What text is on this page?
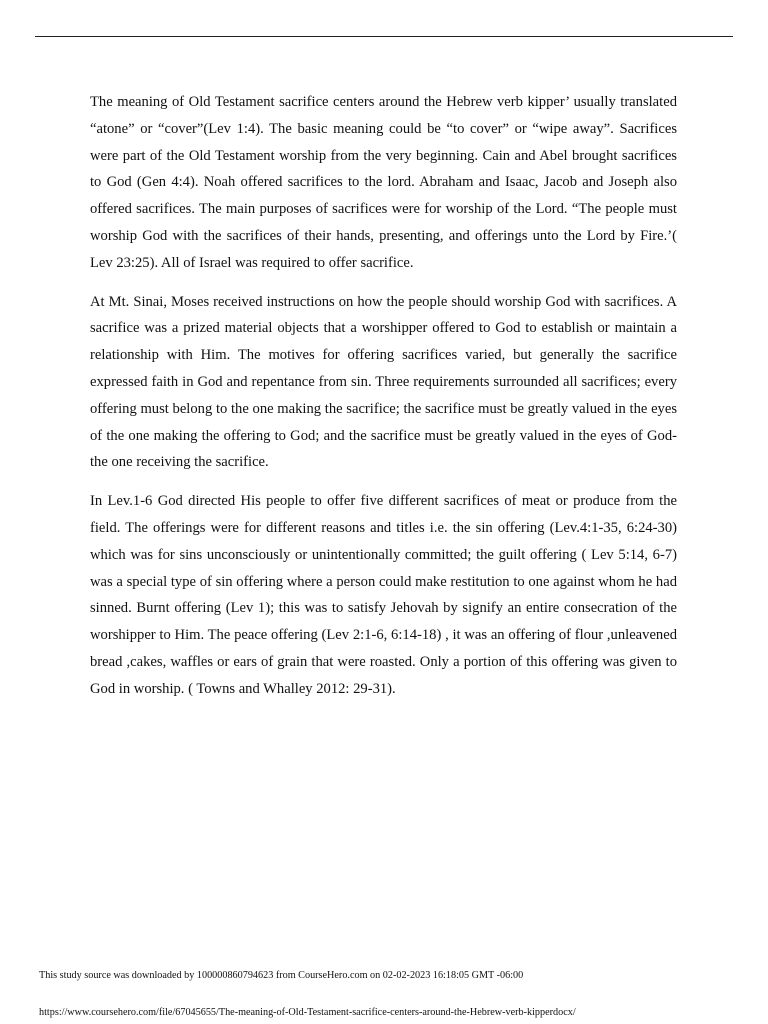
The meaning of Old Testament sacrifice centers around the Hebrew verb kipper’ usually translated “atone” or “cover”(Lev 1:4). The basic meaning could be “to cover” or “wipe away”. Sacrifices were part of the Old Testament worship from the very beginning. Cain and Abel brought sacrifices to God (Gen 4:4). Noah offered sacrifices to the lord. Abraham and Isaac, Jacob and Joseph also offered sacrifices. The main purposes of sacrifices were for worship of the Lord. “The people must worship God with the sacrifices of their hands, presenting, and offerings unto the Lord by Fire.’( Lev 23:25). All of Israel was required to offer sacrifice.

At Mt. Sinai, Moses received instructions on how the people should worship God with sacrifices. A sacrifice was a prized material objects that a worshipper offered to God to establish or maintain a relationship with Him. The motives for offering sacrifices varied, but generally the sacrifice expressed faith in God and repentance from sin. Three requirements surrounded all sacrifices; every offering must belong to the one making the sacrifice; the sacrifice must be greatly valued in the eyes of the one making the offering to God; and the sacrifice must be greatly valued in the eyes of God- the one receiving the sacrifice.

In Lev.1-6 God directed His people to offer five different sacrifices of meat or produce from the field. The offerings were for different reasons and titles i.e. the sin offering (Lev.4:1-35, 6:24-30) which was for sins unconsciously or unintentionally committed; the guilt offering ( Lev 5:14, 6-7) was a special type of sin offering where a person could make restitution to one against whom he had sinned. Burnt offering (Lev 1); this was to satisfy Jehovah by signify an entire consecration of the worshipper to Him. The peace offering (Lev 2:1-6, 6:14-18) , it was an offering of flour ,unleavened bread ,cakes, waffles or ears of grain that were roasted. Only a portion of this offering was given to God in worship. ( Towns and Whalley 2012: 29-31).

This study source was downloaded by 100000860794623 from CourseHero.com on 02-02-2023 16:18:05 GMT -06:00
https://www.coursehero.com/file/67045655/The-meaning-of-Old-Testament-sacrifice-centers-around-the-Hebrew-verb-kipperdocx/
